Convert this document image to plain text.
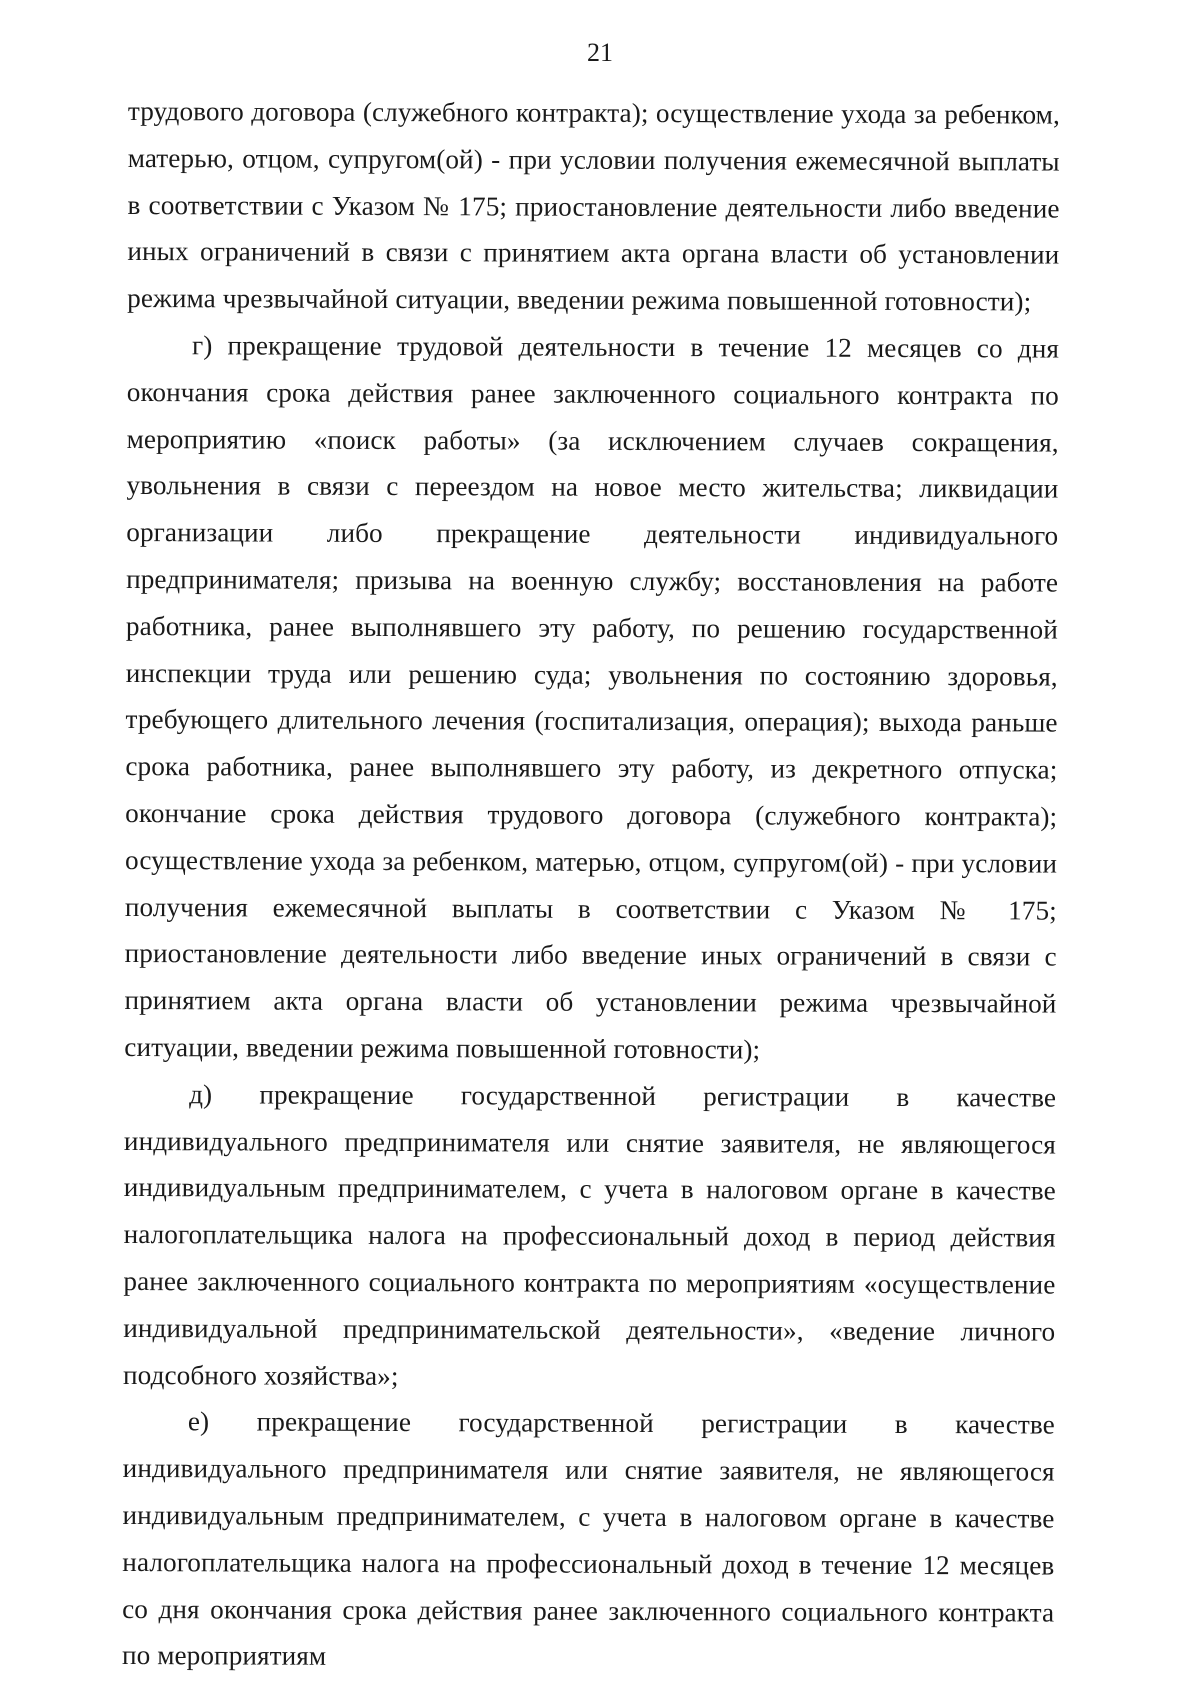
21

трудового договора (служебного контракта); осуществление ухода за ребенком, матерью, отцом, супругом(ой) - при условии получения ежемесячной выплаты в соответствии с Указом № 175; приостановление деятельности либо введение иных ограничений в связи с принятием акта органа власти об установлении режима чрезвычайной ситуации, введении режима повышенной готовности);

г) прекращение трудовой деятельности в течение 12 месяцев со дня окончания срока действия ранее заключенного социального контракта по мероприятию «поиск работы» (за исключением случаев сокращения, увольнения в связи с переездом на новое место жительства; ликвидации организации либо прекращение деятельности индивидуального предпринимателя; призыва на военную службу; восстановления на работе работника, ранее выполнявшего эту работу, по решению государственной инспекции труда или решению суда; увольнения по состоянию здоровья, требующего длительного лечения (госпитализация, операция); выхода раньше срока работника, ранее выполнявшего эту работу, из декретного отпуска; окончание срока действия трудового договора (служебного контракта); осуществление ухода за ребенком, матерью, отцом, супругом(ой) - при условии получения ежемесячной выплаты в соответствии с Указом № 175; приостановление деятельности либо введение иных ограничений в связи с принятием акта органа власти об установлении режима чрезвычайной ситуации, введении режима повышенной готовности);

д) прекращение государственной регистрации в качестве индивидуального предпринимателя или снятие заявителя, не являющегося индивидуальным предпринимателем, с учета в налоговом органе в качестве налогоплательщика налога на профессиональный доход в период действия ранее заключенного социального контракта по мероприятиям «осуществление индивидуальной предпринимательской деятельности», «ведение личного подсобного хозяйства»;

е) прекращение государственной регистрации в качестве индивидуального предпринимателя или снятие заявителя, не являющегося индивидуальным предпринимателем, с учета в налоговом органе в качестве налогоплательщика налога на профессиональный доход в течение 12 месяцев со дня окончания срока действия ранее заключенного социального контракта по мероприятиям
